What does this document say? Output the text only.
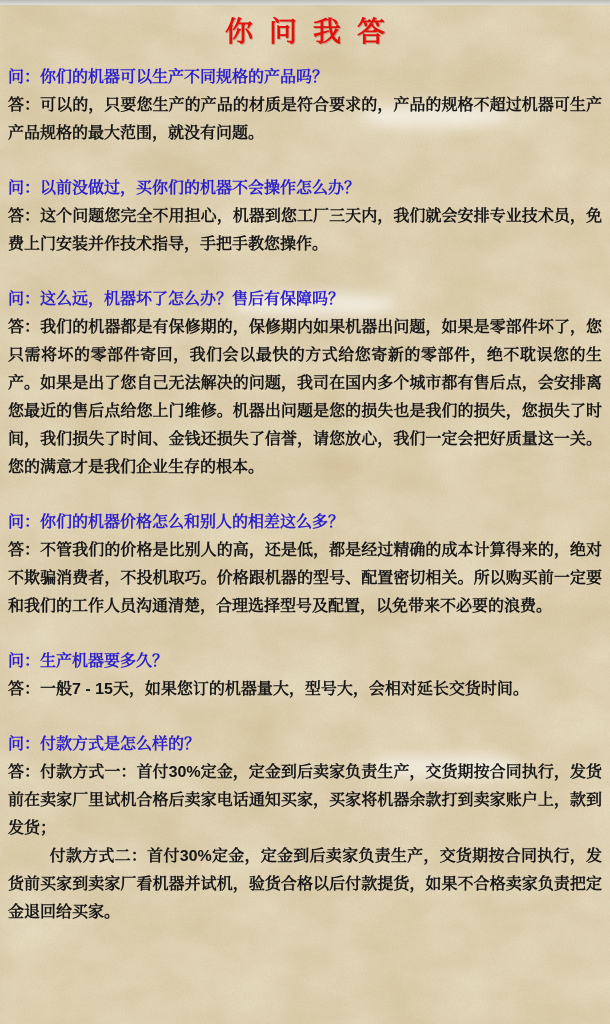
你问我答

问：你们的机器可以生产不同规格的产品吗？

答：可以的，只要您生产的产品的材质是符合要求的，产品的规格不超过机器可生产产品规格的最大范围，就没有问题。

问：以前没做过，买你们的机器不会操作怎么办？

答：这个问题您完全不用担心，机器到您工厂三天内，我们就会安排专业技术员，免费上门安装并作技术指导，手把手教您操作。

问：这么远，机器坏了怎么办？售后有保障吗？

答：我们的机器都是有保修期的，保修期内如果机器出问题，如果是零部件坏了，您只需将坏的零部件寄回，我们会以最快的方式给您寄新的零部件，绝不耽误您的生产。如果是出了您自己无法解决的问题，我司在国内多个城市都有售后点，会安排离您最近的售后点给您上门维修。机器出问题是您的损失也是我们的损失，您损失了时间，我们损失了时间、金钱还损失了信誉，请您放心，我们一定会把好质量这一关。您的满意才是我们企业生存的根本。

问：你们的机器价格怎么和别人的相差这么多？

答：不管我们的价格是比别人的高，还是低，都是经过精确的成本计算得来的，绝对不欺骗消费者，不投机取巧。价格跟机器的型号、配置密切相关。所以购买前一定要和我们的工作人员沟通清楚，合理选择型号及配置，以免带来不必要的浪费。

问：生产机器要多久？

答：一般7 - 15天，如果您订的机器量大，型号大，会相对延长交货时间。

问：付款方式是怎么样的？

答：付款方式一：首付30%定金，定金到后卖家负责生产，交货期按合同执行，发货前在卖家厂里试机合格后卖家电话通知买家，买家将机器余款打到卖家账户上，款到发货；

付款方式二：首付30%定金，定金到后卖家负责生产，交货期按合同执行，发货前买家到卖家厂看机器并试机，验货合格以后付款提货，如果不合格卖家负责把定金退回给买家。
